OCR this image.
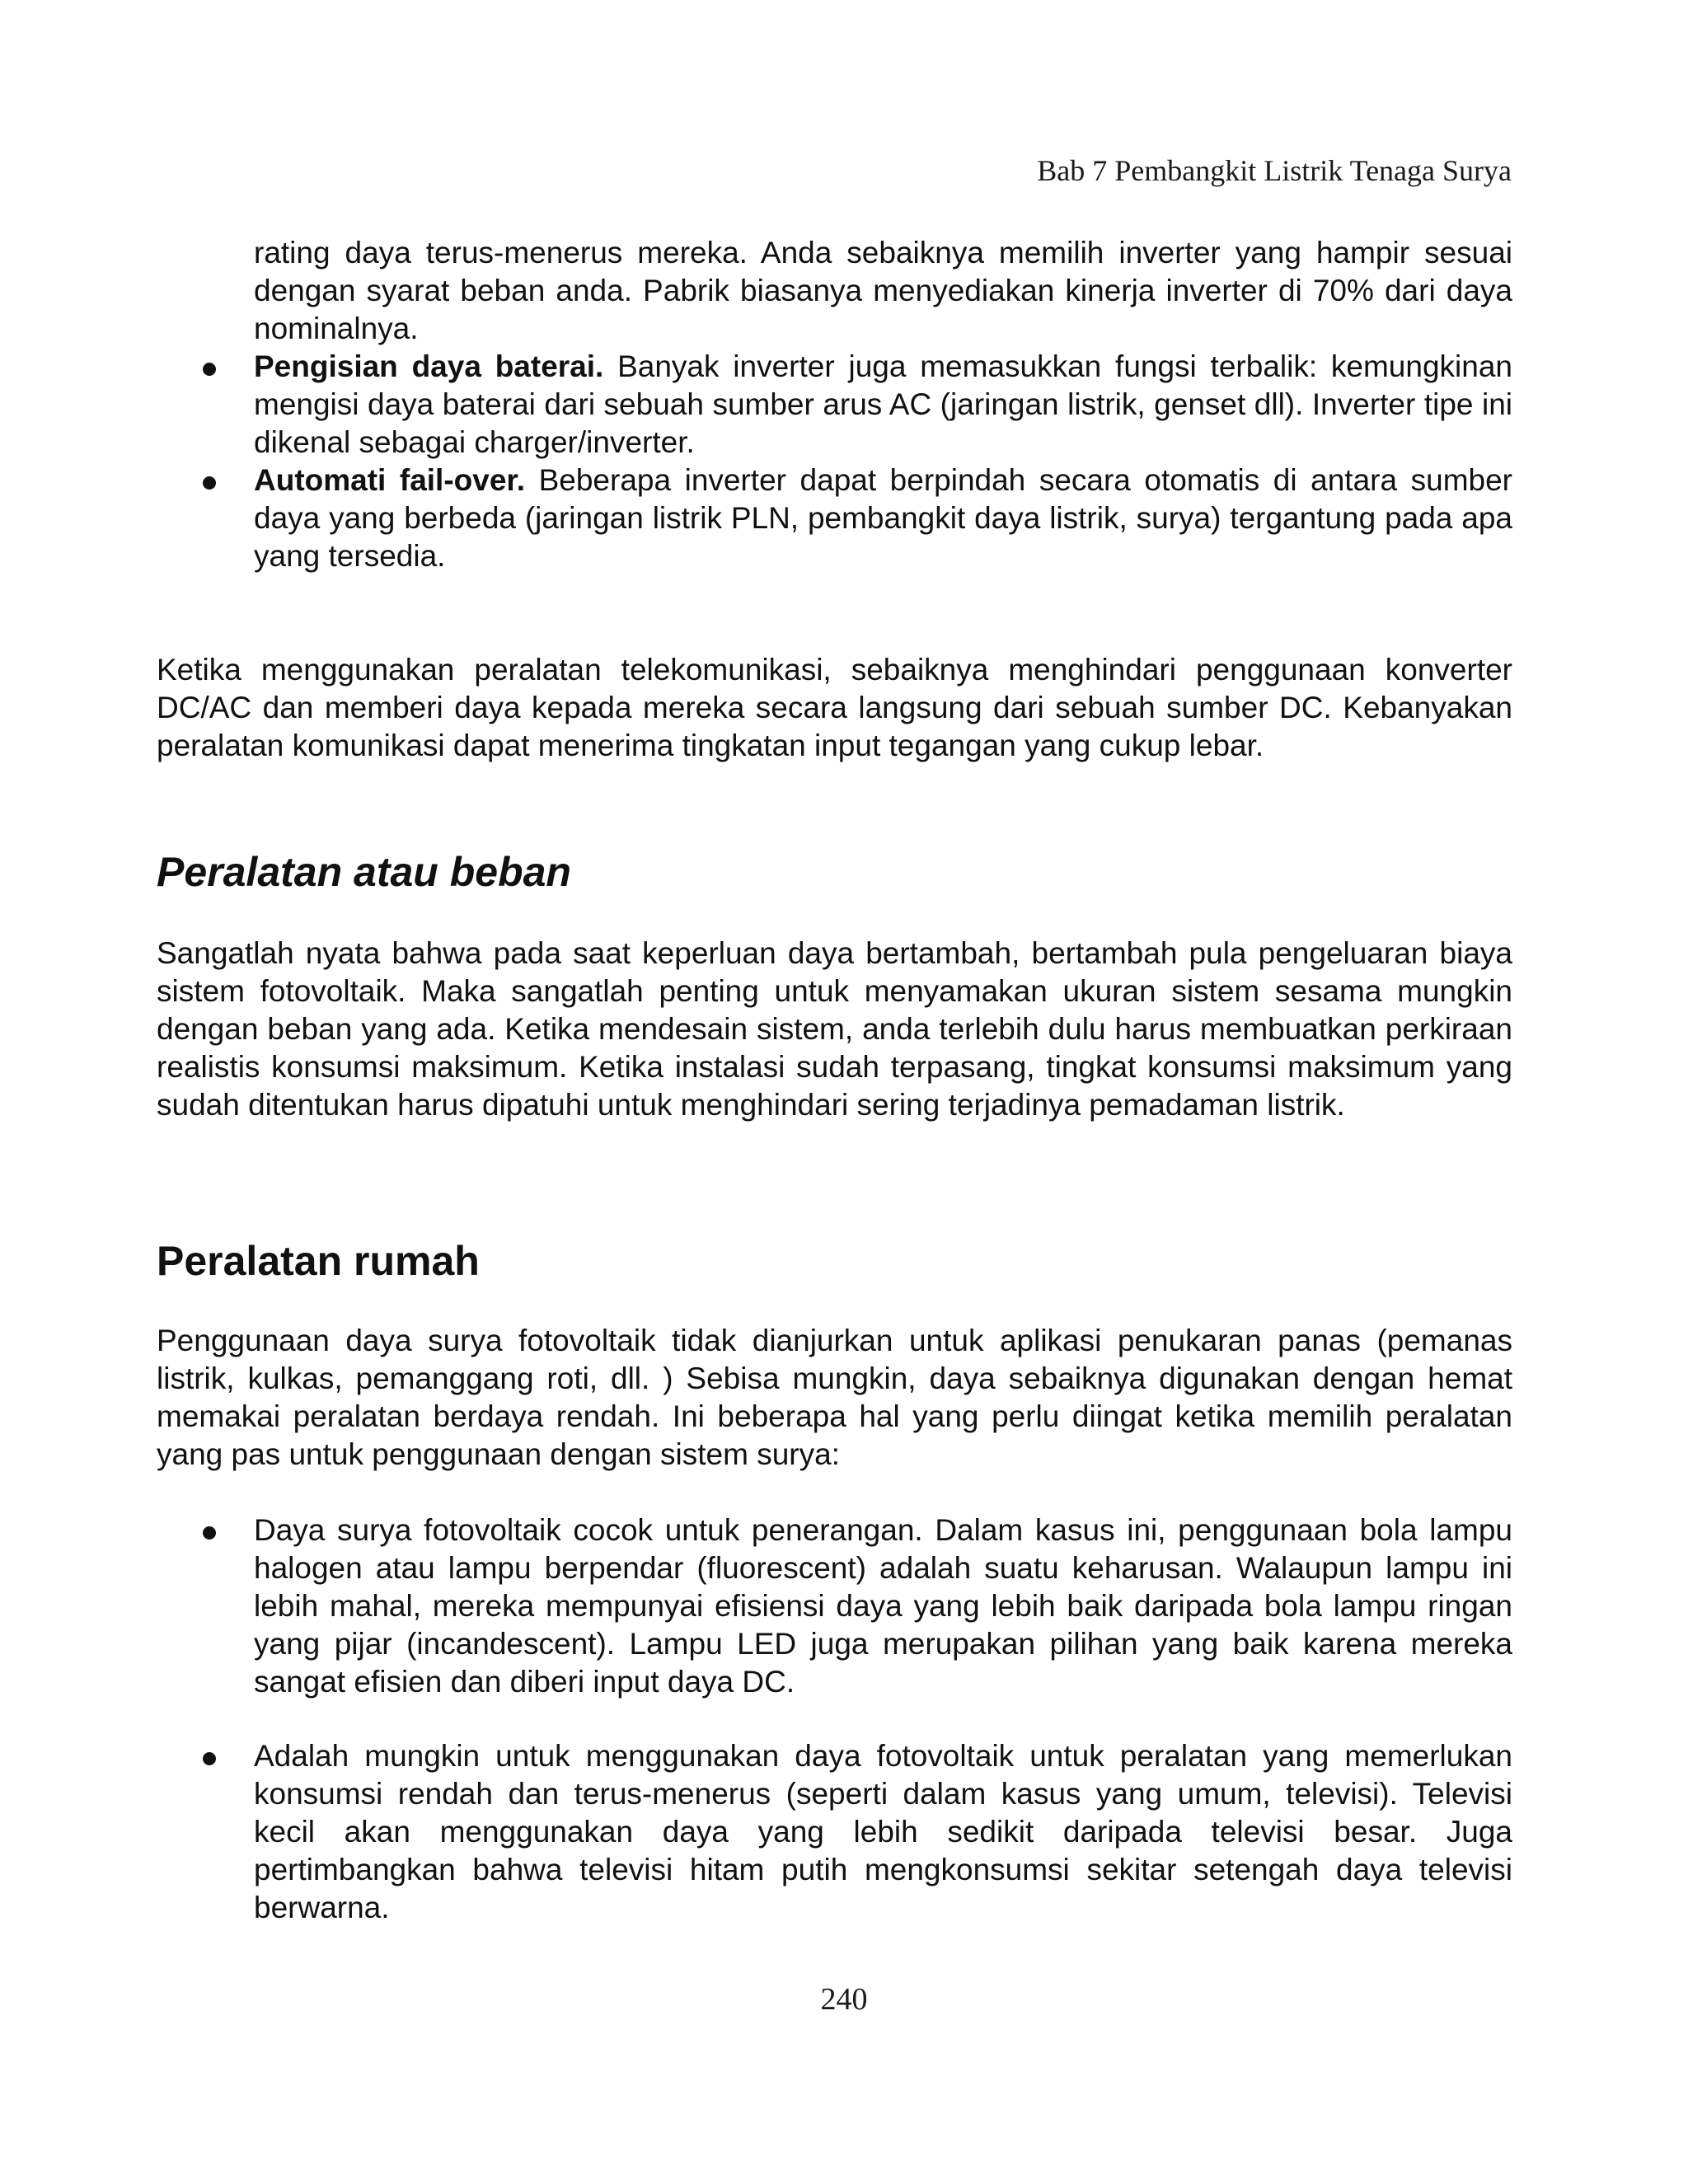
Bab 7 Pembangkit Listrik Tenaga Surya

rating daya terus-menerus mereka. Anda sebaiknya memilih inverter yang hampir sesuai dengan syarat beban anda. Pabrik biasanya menyediakan kinerja inverter di 70% dari daya nominalnya.

Pengisian daya baterai. Banyak inverter juga memasukkan fungsi terbalik: kemungkinan mengisi daya baterai dari sebuah sumber arus AC (jaringan listrik, genset dll). Inverter tipe ini dikenal sebagai charger/inverter.
Automati fail-over. Beberapa inverter dapat berpindah secara otomatis di antara sumber daya yang berbeda (jaringan listrik PLN, pembangkit daya listrik, surya) tergantung pada apa yang tersedia.

Ketika menggunakan peralatan telekomunikasi, sebaiknya menghindari penggunaan konverter DC/AC dan memberi daya kepada mereka secara langsung dari sebuah sumber DC. Kebanyakan peralatan komunikasi dapat menerima tingkatan input tegangan yang cukup lebar.

Peralatan atau beban

Sangatlah nyata bahwa pada saat keperluan daya bertambah, bertambah pula pengeluaran biaya sistem fotovoltaik. Maka sangatlah penting untuk menyamakan ukuran sistem sesama mungkin dengan beban yang ada. Ketika mendesain sistem, anda terlebih dulu harus membuatkan perkiraan realistis konsumsi maksimum. Ketika instalasi sudah terpasang, tingkat konsumsi maksimum yang sudah ditentukan harus dipatuhi untuk menghindari sering terjadinya pemadaman listrik.

Peralatan rumah

Penggunaan daya surya fotovoltaik tidak dianjurkan untuk aplikasi penukaran panas (pemanas listrik, kulkas, pemanggang roti, dll. ) Sebisa mungkin, daya sebaiknya digunakan dengan hemat memakai peralatan berdaya rendah. Ini beberapa hal yang perlu diingat ketika memilih peralatan yang pas untuk penggunaan dengan sistem surya:

Daya surya fotovoltaik cocok untuk penerangan. Dalam kasus ini, penggunaan bola lampu halogen atau lampu berpendar (fluorescent) adalah suatu keharusan. Walaupun lampu ini lebih mahal, mereka mempunyai efisiensi daya yang lebih baik daripada bola lampu ringan yang pijar (incandescent). Lampu LED juga merupakan pilihan yang baik karena mereka sangat efisien dan diberi input daya DC.
Adalah mungkin untuk menggunakan daya fotovoltaik untuk peralatan yang memerlukan konsumsi rendah dan terus-menerus (seperti dalam kasus yang umum, televisi). Televisi kecil akan menggunakan daya yang lebih sedikit daripada televisi besar. Juga pertimbangkan bahwa televisi hitam putih mengkonsumsi sekitar setengah daya televisi berwarna.
240
